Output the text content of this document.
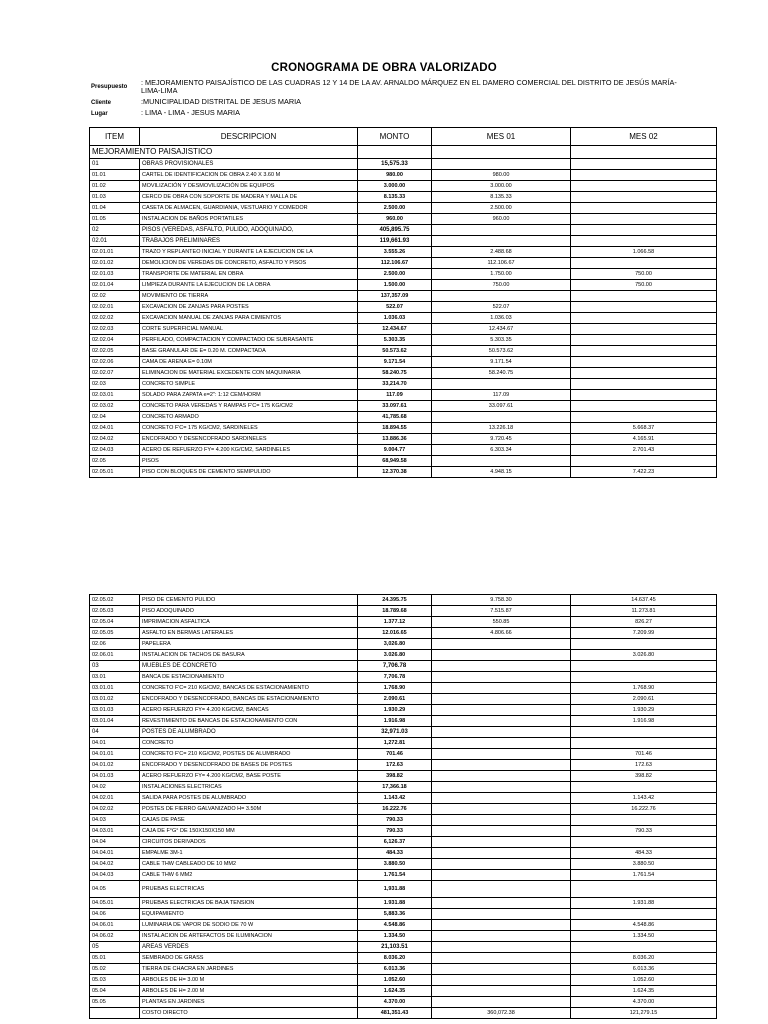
CRONOGRAMA DE OBRA VALORIZADO
Presupuesto : MEJORAMIENTO PAISAJÍSTICO DE LAS CUADRAS 12 Y 14 DE LA AV. ARNALDO MÁRQUEZ EN EL DAMERO COMERCIAL DEL DISTRITO DE JESÚS MARÍA-LIMA-LIMA
Cliente	:MUNICIPALIDAD DISTRITAL DE JESUS MARIA
Lugar	: LIMA - LIMA - JESUS MARIA
ITEM	DESCRIPCION	MONTO	MES 01	MES 02
MEJORAMIENTO PAISAJISTICO				
01	OBRAS PROVISIONALES	15,575.33		
01.01	CARTEL DE IDENTIFICACION DE OBRA 2.40 X 3.60 M	980.00	980.00	
01.02	MOVILIZACIÓN Y DESMOVILIZACIÓN DE EQUIPOS	3.000.00	3.000.00	
01.03	CERCO DE OBRA CON SOPORTE DE MADERA Y MALLA DE	8.135.33	8.135.33	
01.04	CASETA DE ALMACEN, GUARDIANIA, VESTUARIO Y COMEDOR	2.500.00	2.500.00	
01.05	INSTALACION DE BAÑOS PORTATILES	960.00	960.00	
02	PISOS (VEREDAS, ASFALTO, PULIDO, ADOQUINADO,	405,895.75		
02.01	TRABAJOS PRELIMINARES	119,661.93		
02.01.01	TRAZO Y REPLANTEO INICIAL Y DURANTE LA EJECUCION DE LA	3.555.26	2.488.68	1.066.58
02.01.02	DEMOLICION DE VEREDAS DE CONCRETO, ASFALTO Y PISOS	112.106.67	112.106.67	
02.01.03	TRANSPORTE DE MATERIAL EN OBRA	2.500.00	1.750.00	750.00
02.01.04	LIMPIEZA DURANTE LA EJECUCION DE LA OBRA	1.500.00	750.00	750.00
02.02	MOVIMIENTO DE TIERRA	137,357.09		
02.02.01	EXCAVACION DE ZANJAS PARA POSTES	522.07	522.07	
02.02.02	EXCAVACION MANUAL DE ZANJAS PARA CIMIENTOS	1.036.03	1.036.03	
02.02.03	CORTE SUPERFICIAL MANUAL	12.434.67	12.434.67	
02.02.04	PERFILADO, COMPACTACION Y COMPACTADO DE SUBRASANTE	5.303.35	5.303.35	
02.02.05	BASE GRANULAR DE E= 0.20 M. COMPACTADA	50.573.62	50.573.62	
02.02.06	CAMA DE ARENA E= 0.10M	9.171.54	9.171.54	
02.02.07	ELIMINACION DE MATERIAL EXCEDENTE CON MAQUINARIA	58.240.75	58.240.75	
02.03	CONCRETO SIMPLE	33,214.70		
02.03.01	SOLADO PARA ZAPATA e=2": 1:12 CEM/HORM	117.09	117.09	
02.03.02	CONCRETO PARA VEREDAS Y RAMPAS F'C= 175 KG/CM2	33.097.61	33.097.61	
02.04	CONCRETO ARMADO	41,785.68		
02.04.01	CONCRETO F'C= 175 KG/CM2, SARDINELES	18.894.55	13.226.18	5.668.37
02.04.02	ENCOFRADO Y DESENCOFRADO SARDINELES	13.886.36	9.720.45	4.165.91
02.04.03	ACERO DE REFUERZO FY= 4.200 KG/CM2, SARDINELES	9.004.77	6.303.34	2.701.43
02.05	PISOS	68,949.58		
02.05.01	PISO CON BLOQUES DE CEMENTO SEMIPULIDO	12.370.38	4.948.15	7.422.23
02.05.02	PISO DE CEMENTO PULIDO	24.395.75	9.758.30	14.637.45
02.05.03	PISO ADOQUINADO	18.789.68	7.515.87	11.273.81
02.05.04	IMPRIMACION ASFALTICA	1.377.12	550.85	826.27
02.05.05	ASFALTO EN BERMAS LATERALES	12.016.65	4.806.66	7.209.99
02.06	PAPELERA	3,026.80		
02.06.01	INSTALACION DE TACHOS DE BASURA	3.026.80		3.026.80
03	MUEBLES DE CONCRETO	7,706.78		
03.01	BANCA DE ESTACIONAMIENTO	7,706.78		
03.01.01	CONCRETO F'C= 210 KG/CM2, BANCAS DE ESTACIONAMIENTO	1.768.90		1.768.90
03.01.02	ENCOFRADO Y DESENCOFRADO, BANCAS DE ESTACIONAMIENTO	2.090.61		2.090.61
03.01.03	ACERO REFUERZO FY= 4.200 KG/CM2, BANCAS	1.930.29		1.930.29
03.01.04	REVESTIMIENTO DE BANCAS DE ESTACIONAMIENTO CON	1.916.98		1.916.98
04	POSTES DE ALUMBRADO	32,971.03		
04.01	CONCRETO	1,272.81		
04.01.01	CONCRETO F'C= 210 KG/CM2, POSTES DE ALUMBRADO	701.46		701.46
04.01.02	ENCOFRADO Y DESENCOFRADO DE BASES DE POSTES	172.63		172.63
04.01.03	ACERO REFUERZO FY= 4.200 KG/CM2, BASE POSTE	398.82		398.82
04.02	INSTALACIONES ELECTRICAS	17,366.18		
04.02.01	SALIDA PARA POSTES DE ALUMBRADO	1.143.42		1.143.42
04.02.02	POSTES DE FIERRO GALVANIZADO H= 3.50M	16.222.76		16.222.76
04.03	CAJAS DE PASE	790.33		
04.03.01	CAJA DE F°G° DE 150X150X150 MM	790.33		790.33
04.04	CIRCUITOS DERIVADOS	6,126.37		
04.04.01	EMPALME 3M-1	484.33		484.33
04.04.02	CABLE THW CABLEADO DE 10 MM2	3.880.50		3.880.50
04.04.03	CABLE THW 6 MM2	1.761.54		1.761.54
04.05	PRUEBAS ELECTRICAS	1,931.88		
04.05.01	PRUEBAS ELECTRICAS DE BAJA TENSION	1.931.88		1.931.88
04.06	EQUIPAMIENTO	5,883.36		
04.06.01	LUMINARIA DE VAPOR DE SODIO DE 70 W	4.548.86		4.548.86
04.06.02	INSTALACION DE ARTEFACTOS DE ILUMINACION	1.334.50		1.334.50
05	AREAS VERDES	21,103.51		
05.01	SEMBRADO DE GRASS	8.036.20		8.036.20
05.02	TIERRA DE CHACRA EN JARDINES	6.013.36		6.013.36
05.03	ARBOLES DE H= 3.00 M	1.052.60		1.052.60
05.04	ARBOLES DE H= 2.00 M	1.624.35		1.624.35
05.05	PLANTAS EN JARDINES	4.370.00		4.370.00
	COSTO DIRECTO	481,351.43	360,072.38	121,279.15
